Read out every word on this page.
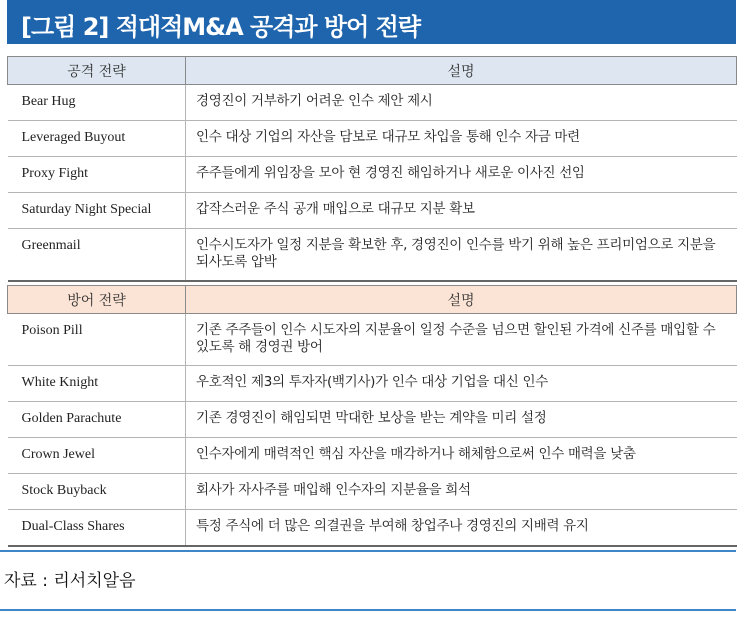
[그림 2] 적대적M&A 공격과 방어 전략
공격 전략	설명
Bear Hug	경영진이 거부하기 어려운 인수 제안 제시
Leveraged Buyout	인수 대상 기업의 자산을 담보로 대규모 차입을 통해 인수 자금 마련
Proxy Fight	주주들에게 위임장을 모아 현 경영진 해임하거나 새로운 이사진 선임
Saturday Night Special	갑작스러운 주식 공개 매입으로 대규모 지분 확보
Greenmail	인수시도자가 일정 지분을 확보한 후, 경영진이 인수를 박기 위해 높은 프리미엄으로 지분을 되사도록 압박
방어 전략	설명
Poison Pill	기존 주주들이 인수 시도자의 지분율이 일정 수준을 넘으면 할인된 가격에 신주를 매입할 수 있도록 해 경영권 방어
White Knight	우호적인 제3의 투자자(백기사)가 인수 대상 기업을 대신 인수
Golden Parachute	기존 경영진이 해임되면 막대한 보상을 받는 계약을 미리 설정
Crown Jewel	인수자에게 매력적인 핵심 자산을 매각하거나 해체함으로써 인수 매력을 낮춤
Stock Buyback	회사가 자사주를 매입해 인수자의 지분율을 희석
Dual-Class Shares	특정 주식에 더 많은 의결권을 부여해 창업주나 경영진의 지배력 유지
자료 : 리서치알음
